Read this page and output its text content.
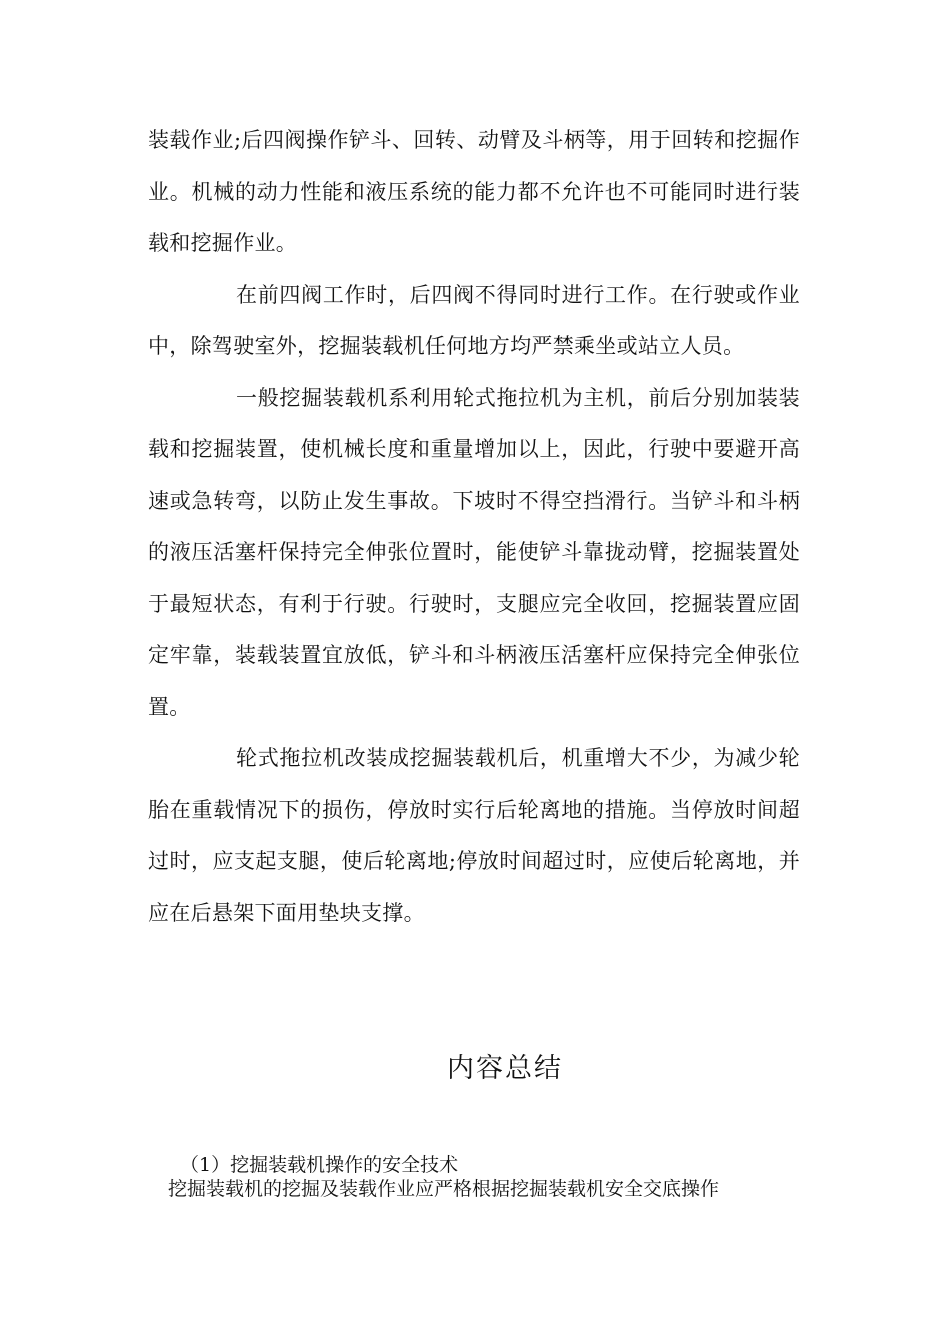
装载作业;后四阀操作铲斗、回转、动臂及斗柄等，用于回转和挖掘作业。机械的动力性能和液压系统的能力都不允许也不可能同时进行装载和挖掘作业。

在前四阀工作时，后四阀不得同时进行工作。在行驶或作业中，除驾驶室外，挖掘装载机任何地方均严禁乘坐或站立人员。

一般挖掘装载机系利用轮式拖拉机为主机，前后分别加装装载和挖掘装置，使机械长度和重量增加以上，因此，行驶中要避开高速或急转弯，以防止发生事故。下坡时不得空挡滑行。当铲斗和斗柄的液压活塞杆保持完全伸张位置时，能使铲斗靠拢动臂，挖掘装置处于最短状态，有利于行驶。行驶时，支腿应完全收回，挖掘装置应固定牢靠，装载装置宜放低，铲斗和斗柄液压活塞杆应保持完全伸张位置。

轮式拖拉机改装成挖掘装载机后，机重增大不少，为减少轮胎在重载情况下的损伤，停放时实行后轮离地的措施。当停放时间超过时，应支起支腿，使后轮离地;停放时间超过时，应使后轮离地，并应在后悬架下面用垫块支撑。

内容总结

（1）挖掘装载机操作的安全技术

挖掘装载机的挖掘及装载作业应严格根据挖掘装载机安全交底操作
